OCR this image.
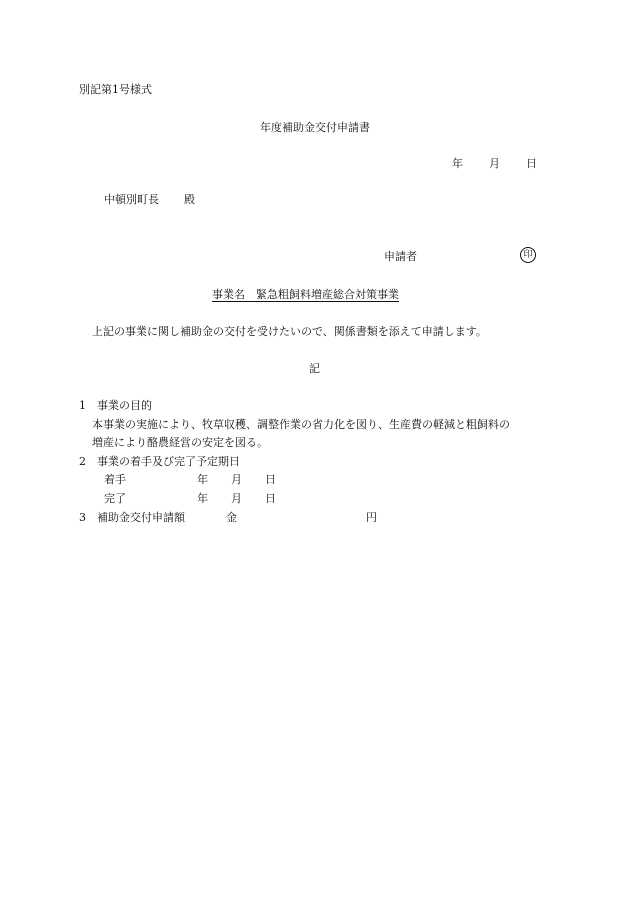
別記第1号様式
年度補助金交付申請書
年 月 日
中頓別町長 殿
申請者	印
事業名　緊急粗飼料増産総合対策事業
上記の事業に関し補助金の交付を受けたいので、関係書類を添えて申請します。
記
1　事業の目的
本事業の実施により、牧草収穫、調整作業の省力化を図り、生産費の軽減と粗飼料の
増産により酪農経営の安定を図る。
2　事業の着手及び完了予定期日
着手	年 月 日
完了	年 月 日
3　補助金交付申請額	金	円
